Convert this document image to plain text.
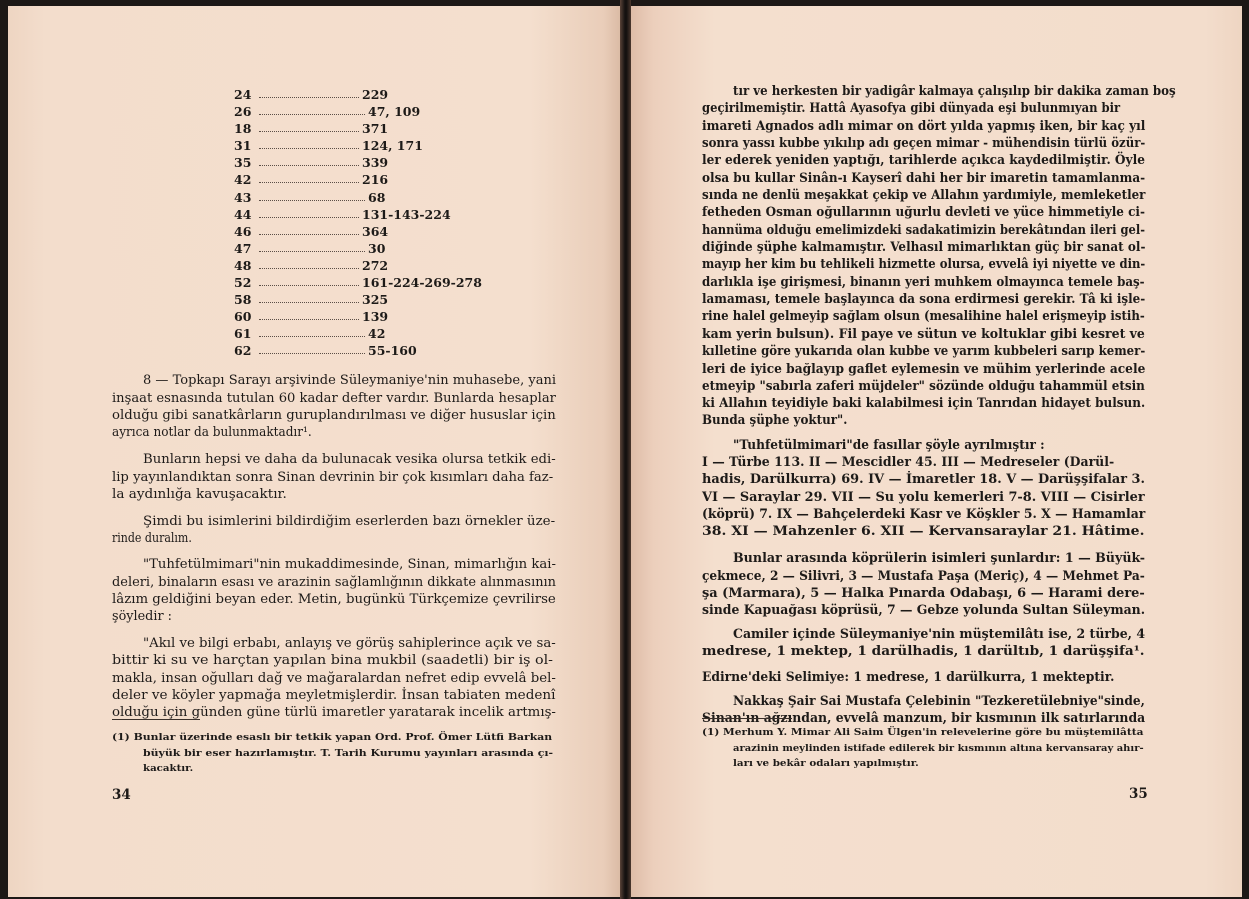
24	229
26	47, 109
18	371
31	124, 171
35	339
42	216
43	68
44	131-143-224
46	364
47	30
48	272
52	161-224-269-278
58	325
60	139
61	42
62	55-160
8 — Topkapı Sarayı arşivinde Süleymaniye'nin muhasebe, yani
inşaat esnasında tutulan 60 kadar defter vardır. Bunlarda hesaplar
olduğu gibi sanatkârların guruplandırılması ve diğer hususlar için
ayrıca notlar da bulunmaktadır¹.
Bunların hepsi ve daha da bulunacak vesika olursa tetkik edi-
lip yayınlandıktan sonra Sinan devrinin bir çok kısımları daha faz-
la aydınlığa kavuşacaktır.
Şimdi bu isimlerini bildirdiğim eserlerden bazı örnekler üze-
rinde duralım.
"Tuhfetülmimari"nin mukaddimesinde, Sinan, mimarlığın kai-
deleri, binaların esası ve arazinin sağlamlığının dikkate alınmasının
lâzım geldiğini beyan eder. Metin, bugünkü Türkçemize çevrilirse
şöyledir :
"Akıl ve bilgi erbabı, anlayış ve görüş sahiplerince açık ve sa-
bittir ki su ve harçtan yapılan bina mukbil (saadetli) bir iş ol-
makla, insan oğulları dağ ve mağaralardan nefret edip evvelâ bel-
deler ve köyler yapmağa meyletmişlerdir. İnsan tabiaten medenî
olduğu için günden güne türlü imaretler yaratarak incelik artmış-
(1) Bunlar üzerinde esaslı bir tetkik yapan Ord. Prof. Ömer Lütfi Barkan
büyük bir eser hazırlamıştır. T. Tarih Kurumu yayınları arasında çı-
kacaktır.
34
tır ve herkesten bir yadigâr kalmaya çalışılıp bir dakika zaman boş
geçirilmemiştir. Hattâ Ayasofya gibi dünyada eşi bulunmıyan bir
imareti Agnados adlı mimar on dört yılda yapmış iken, bir kaç yıl
sonra yassı kubbe yıkılıp adı geçen mimar - mühendisin türlü özür-
ler ederek yeniden yaptığı, tarihlerde açıkca kaydedilmiştir. Öyle
olsa bu kullar Sinân-ı Kayserî dahi her bir imaretin tamamlanma-
sında ne denlü meşakkat çekip ve Allahın yardımiyle, memleketler
fetheden Osman oğullarının uğurlu devleti ve yüce himmetiyle ci-
hannüma olduğu emelimizdeki sadakatimizin berekâtından ileri gel-
diğinde şüphe kalmamıştır. Velhasıl mimarlıktan güç bir sanat ol-
mayıp her kim bu tehlikeli hizmette olursa, evvelâ iyi niyette ve din-
darlıkla işe girişmesi, binanın yeri muhkem olmayınca temele baş-
lamaması, temele başlayınca da sona erdirmesi gerekir. Tâ ki işle-
rine halel gelmeyip sağlam olsun (mesalihine halel erişmeyip istih-
kam yerin bulsun). Fil paye ve sütun ve koltuklar gibi kesret ve
kılletine göre yukarıda olan kubbe ve yarım kubbeleri sarıp kemer-
leri de iyice bağlayıp gaflet eylemesin ve mühim yerlerinde acele
etmeyip "sabırla zaferi müjdeler" sözünde olduğu tahammül etsin
ki Allahın teyidiyle baki kalabilmesi için Tanrıdan hidayet bulsun.
Bunda şüphe yoktur".
"Tuhfetülmimari"de fasıllar şöyle ayrılmıştır :
I — Türbe 113. II — Mescidler 45. III — Medreseler (Darül-
hadis, Darülkurra) 69. IV — İmaretler 18. V — Darüşşifalar 3.
VI — Saraylar 29. VII — Su yolu kemerleri 7-8. VIII — Cisirler
(köprü) 7. IX — Bahçelerdeki Kasr ve Köşkler 5. X — Hamamlar
38. XI — Mahzenler 6. XII — Kervansaraylar 21. Hâtime.
Bunlar arasında köprülerin isimleri şunlardır: 1 — Büyük-
çekmece, 2 — Silivri, 3 — Mustafa Paşa (Meriç), 4 — Mehmet Pa-
şa (Marmara), 5 — Halka Pınarda Odabaşı, 6 — Harami dere-
sinde Kapuağası köprüsü, 7 — Gebze yolunda Sultan Süleyman.
Camiler içinde Süleymaniye'nin müştemilâtı ise, 2 türbe, 4
medrese, 1 mektep, 1 darülhadis, 1 darültıb, 1 darüşşifa¹.
Edirne'deki Selimiye: 1 medrese, 1 darülkurra, 1 mekteptir.
Nakkaş Şair Sai Mustafa Çelebinin "Tezkeretülebniye"sinde,
Sinan'ın ağzından, evvelâ manzum, bir kısmının ilk satırlarında
(1) Merhum Y. Mimar Ali Saim Ülgen'in relevelerine göre bu müştemilâtta
arazinin meylinden istifade edilerek bir kısmının altına kervansaray ahır-
ları ve bekâr odaları yapılmıştır.
35
